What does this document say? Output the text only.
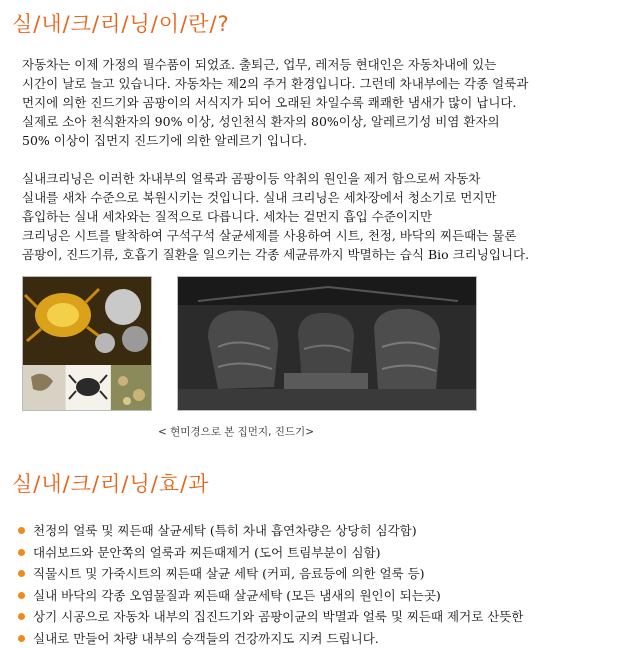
실/내/크/리/닝/이/란/?

자동차는 이제 가정의 필수품이 되었죠. 출퇴근, 업무, 레저등 현대인은 자동차내에 있는

시간이 날로 늘고 있습니다. 자동차는 제2의 주거 환경입니다. 그런데 차내부에는 각종 얼룩과

먼지에 의한 진드기와 곰팡이의 서식지가 되어 오래된 차일수록 쾌쾌한 냄새가 많이 납니다.

실제로 소아 천식환자의 90% 이상, 성인천식 환자의 80%이상, 알레르기성 비염 환자의

50% 이상이 집먼지 진드기에 의한 알레르기 입니다.

실내크리닝은 이러한 차내부의 얼룩과 곰팡이등 악취의 원인을 제거 함으로써 자동차

실내를 새차 수준으로 복원시키는 것입니다. 실내 크리닝은 세차장에서 청소기로 먼지만

흡입하는 실내 세차와는 질적으로 다릅니다. 세차는 겉먼지 흡입 수준이지만

크리닝은 시트를 탈착하여 구석구석 살균세제를 사용하여 시트, 천정, 바닥의 찌든때는 물론

곰팡이, 진드기류, 호흡기 질환을 일으키는 각종 세균류까지 박멸하는 습식 Bio 크리닝입니다.

< 현미경으로 본 집먼지, 진드기>
실/내/크/리/닝/효/과
천정의 얼룩 및 찌든때 살균세탁 (특히 차내 흡연차량은 상당히 심각함)
대쉬보드와 문안쪽의 얼룩과 찌든때제거 (도어 트림부분이 심함)
직물시트 및 가죽시트의 찌든때 살균 세탁 (커피, 음료등에 의한 얼룩 등)
실내 바닥의 각종 오염물질과 찌든때 살균세탁 (모든 냄새의 원인이 되는곳)
상기 시공으로 자동차 내부의 집진드기와 곰팡이균의 박멸과 얼룩 및 찌든때 제거로 산뜻한
실내로 만들어 차량 내부의 승객들의 건강까지도 지켜 드립니다.
